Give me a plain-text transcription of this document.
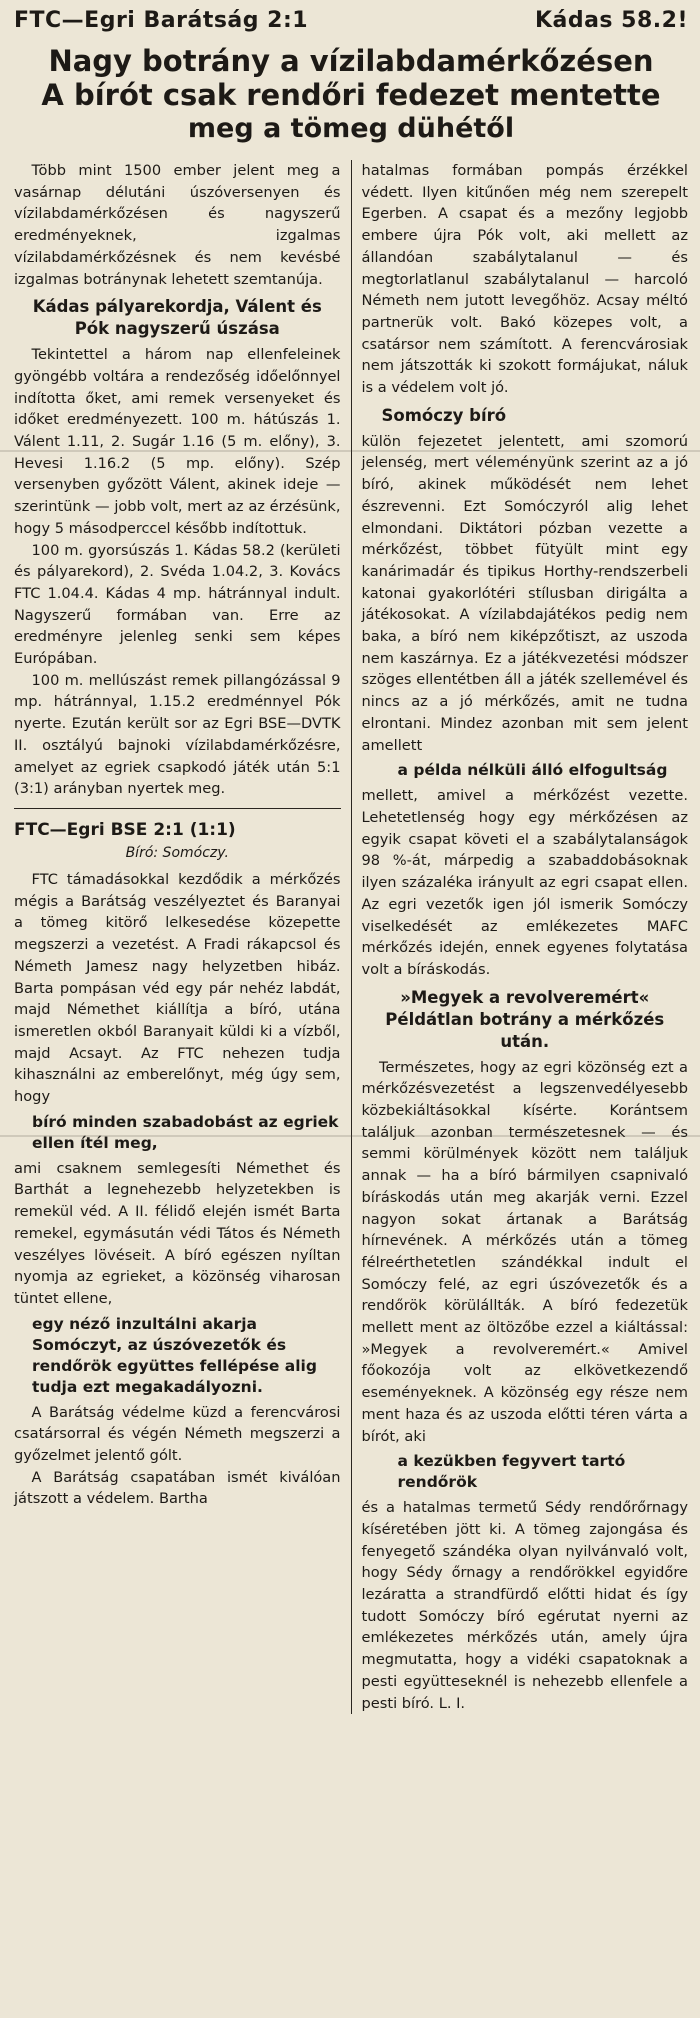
FTC—Egri Barátság 2:1	Kádas 58.2!
Nagy botrány a vízilabdamérkőzésen
A bírót csak rendőri fedezet mentette
meg a tömeg dühétől

Több mint 1500 ember jelent meg a vasárnap délutáni úszóversenyen és vízilabdamérkőzésen és nagyszerű eredményeknek, izgalmas vízilabdamérkőzésnek és nem kevésbé izgalmas botránynak lehetett szemtanúja.

Kádas pályarekordja, Válent és Pók nagyszerű úszása

Tekintettel a három nap ellenfeleinek gyöngébb voltára a rendezőség időelőnnyel indította őket, ami remek versenyeket és időket eredményezett. 100 m. hátúszás 1. Válent 1.11, 2. Sugár 1.16 (5 m. előny), 3. Hevesi 1.16.2 (5 mp. előny). Szép versenyben győzött Válent, akinek ideje — szerintünk — jobb volt, mert az az érzésünk, hogy 5 másodperccel később indítottuk.

100 m. gyorsúszás 1. Kádas 58.2 (kerületi és pályarekord), 2. Svéda 1.04.2, 3. Kovács FTC 1.04.4. Kádas 4 mp. hátránnyal indult. Nagyszerű formában van. Erre az eredményre jelenleg senki sem képes Európában.

100 m. mellúszást remek pillangózással 9 mp. hátránnyal, 1.15.2 eredménnyel Pók nyerte. Ezután került sor az Egri BSE—DVTK II. osztályú bajnoki vízilabdamérkőzésre, amelyet az egriek csapkodó játék után 5:1 (3:1) arányban nyertek meg.

FTC—Egri BSE 2:1 (1:1)
Bíró: Somóczy.

FTC támadásokkal kezdődik a mérkőzés mégis a Barátság veszélyeztet és Baranyai a tömeg kitörő lelkesedése közepette megszerzi a vezetést. A Fradi rákapcsol és Németh Jamesz nagy helyzetben hibáz. Barta pompásan véd egy pár nehéz labdát, majd Némethet kiállítja a bíró, utána ismeretlen okból Baranyait küldi ki a vízből, majd Acsayt. Az FTC nehezen tudja kihasználni az emberelőnyt, még úgy sem, hogy

bíró minden szabadobást az egriek ellen ítél meg,

ami csaknem semlegesíti Némethet és Barthát a legnehezebb helyzetekben is remekül véd. A II. félidő elején ismét Barta remekel, egymásután védi Tátos és Németh veszélyes lövéseit. A bíró egészen nyíltan nyomja az egrieket, a közönség viharosan tüntet ellene,

egy néző inzultálni akarja Somóczyt, az úszóvezetők és rendőrök együttes fellépése alig tudja ezt megakadályozni.

A Barátság védelme küzd a ferencvárosi csatársorral és végén Németh megszerzi a győzelmet jelentő gólt.

A Barátság csapatában ismét kiválóan játszott a védelem. Bartha

hatalmas formában pompás érzékkel védett. Ilyen kitűnően még nem szerepelt Egerben. A csapat és a mezőny legjobb embere újra Pók volt, aki mellett az állandóan szabálytalanul — és megtorlatlanul szabálytalanul — harcoló Németh nem jutott levegőhöz. Acsay méltó partnerük volt. Bakó közepes volt, a csatársor nem számított. A ferencvárosiak nem játszották ki szokott formájukat, náluk is a védelem volt jó.

Somóczy bíró

külön fejezetet jelentett, ami szomorú jelenség, mert véleményünk szerint az a jó bíró, akinek működését nem lehet észrevenni. Ezt Somóczyról alig lehet elmondani. Diktátori pózban vezette a mérkőzést, többet fütyült mint egy kanárimadár és tipikus Horthy-rendszerbeli katonai gyakorlótéri stílusban dirigálta a játékosokat. A vízilabdajátékos pedig nem baka, a bíró nem kiképzőtiszt, az uszoda nem kaszárnya. Ez a játékvezetési módszer szöges ellentétben áll a játék szellemével és nincs az a jó mérkőzés, amit ne tudna elrontani. Mindez azonban mit sem jelent amellett

a példa nélküli álló elfogultság

mellett, amivel a mérkőzést vezette. Lehetetlenség hogy egy mérkőzésen az egyik csapat követi el a szabálytalanságok 98 %-át, márpedig a szabaddobásoknak ilyen százaléka irányult az egri csapat ellen. Az egri vezetők igen jól ismerik Somóczy viselkedését az emlékezetes MAFC mérkőzés idején, ennek egyenes folytatása volt a bíráskodás.

»Megyek a revolveremért« Példátlan botrány a mérkőzés után.

Természetes, hogy az egri közönség ezt a mérkőzésvezetést a legszenvedélyesebb közbekiáltásokkal kísérte. Korántsem találjuk azonban természetesnek — és semmi körülmények között nem találjuk annak — ha a bíró bármilyen csapnivaló bíráskodás után meg akarják verni. Ezzel nagyon sokat ártanak a Barátság hírnevének. A mérkőzés után a tömeg félreérthetetlen szándékkal indult el Somóczy felé, az egri úszóvezetők és a rendőrök körülállták. A bíró fedezetük mellett ment az öltözőbe ezzel a kiáltással: »Megyek a revolveremért.« Amivel főokozója volt az elkövetkezendő eseményeknek. A közönség egy része nem ment haza és az uszoda előtti téren várta a bírót, aki

a kezükben fegyvert tartó rendőrök

és a hatalmas termetű Sédy rendőrőrnagy kíséretében jött ki. A tömeg zajongása és fenyegető szándéka olyan nyilvánvaló volt, hogy Sédy őrnagy a rendőrökkel egyidőre lezáratta a strandfürdő előtti hidat és így tudott Somóczy bíró egérutat nyerni az emlékezetes mérkőzés után, amely újra megmutatta, hogy a vidéki csapatoknak a pesti együtteseknél is nehezebb ellenfele a pesti bíró. L. I.
